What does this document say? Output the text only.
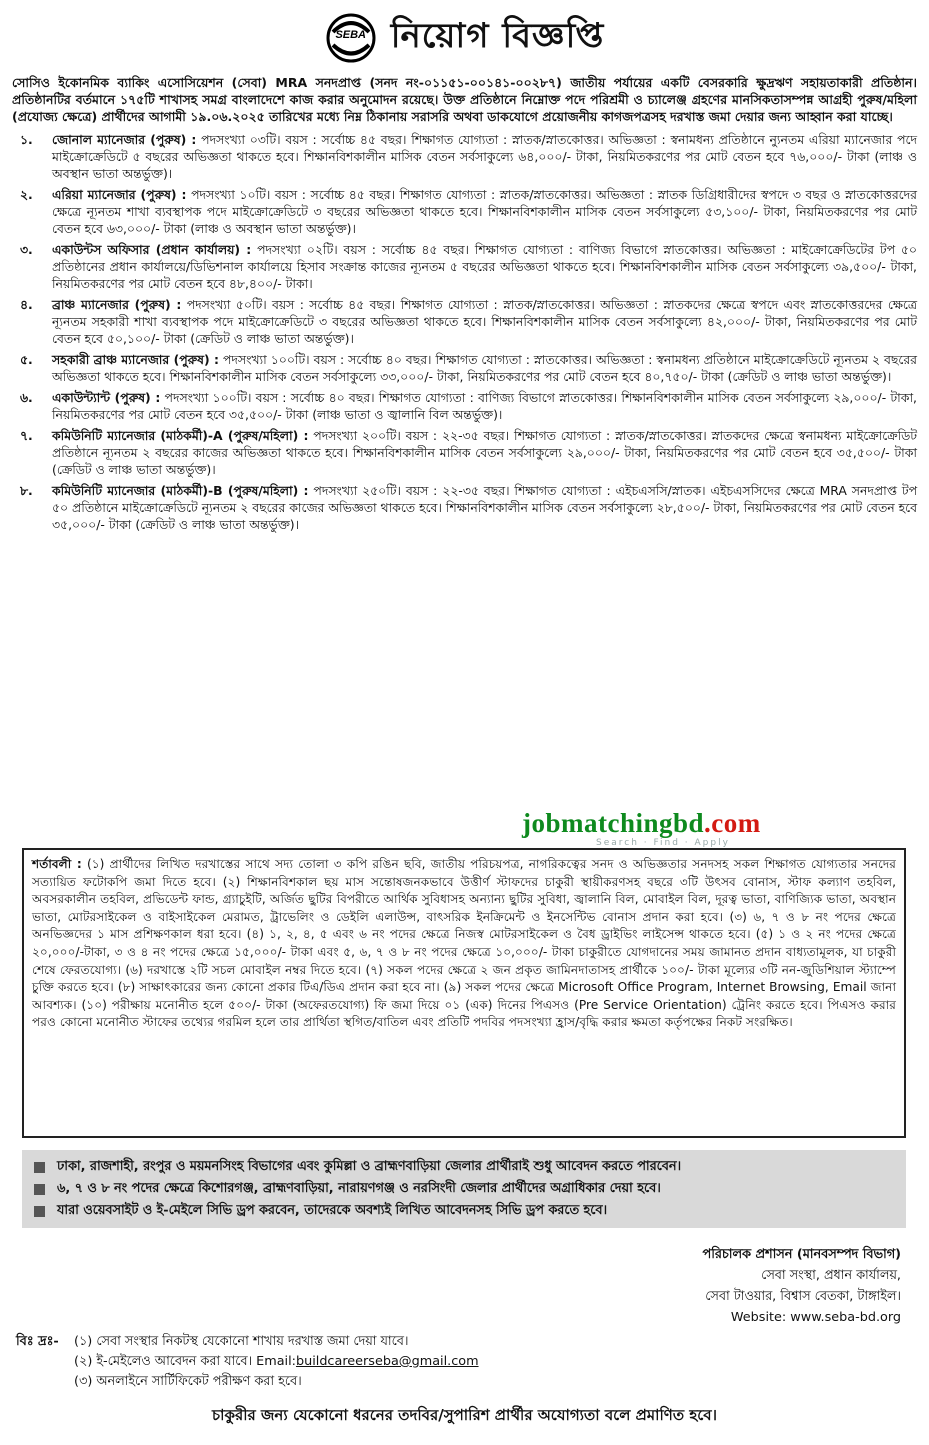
SEBA নিয়োগ বিজ্ঞপ্তি
সোসিও ইকোনমিক ব্যাকিং এসোসিয়েশন (সেবা) MRA সনদপ্রাপ্ত (সনদ নং-০১১৫১-০০১৪১-০০২৮৭) জাতীয় পর্যায়ের একটি বেসরকারি ক্ষুদ্রঋণ সহায়তাকারী প্রতিষ্ঠান। প্রতিষ্ঠানটির বর্তমানে ১৭৫টি শাখাসহ সমগ্র বাংলাদেশে কাজ করার অনুমোদন রয়েছে। উক্ত প্রতিষ্ঠানে নিম্নোক্ত পদে পরিশ্রমী ও চ্যালেঞ্জ গ্রহণের মানসিকতাসম্পন্ন আগ্রহী পুরুষ/মহিলা (প্রযোজ্য ক্ষেত্রে) প্রার্থীদের আগামী ১৯.০৬.২০২৫ তারিখের মধ্যে নিম্ন ঠিকানায় সরাসরি অথবা ডাকযোগে প্রয়োজনীয় কাগজপত্রসহ দরখাস্ত জমা দেয়ার জন্য আহ্বান করা যাচ্ছে।
১.	জোনাল ম্যানেজার (পুরুষ) : পদসংখ্যা ০৩টি। বয়স : সর্বোচ্চ ৪৫ বছর। শিক্ষাগত যোগ্যতা : স্নাতক/স্নাতকোত্তর। অভিজ্ঞতা : স্বনামধন্য প্রতিষ্ঠানে ন্যুনতম এরিয়া ম্যানেজার পদে মাইক্রোক্রেডিটে ৫ বছরের অভিজ্ঞতা থাকতে হবে। শিক্ষানবিশকালীন মাসিক বেতন সর্বসাকুল্যে ৬৪,০০০/- টাকা, নিয়মিতকরণের পর মোট বেতন হবে ৭৬,০০০/- টাকা (লাঞ্চ ও অবস্থান ভাতা অন্তর্ভুক্ত)।
২.	এরিয়া ম্যানেজার (পুরুষ) : পদসংখ্যা ১০টি। বয়স : সর্বোচ্চ ৪৫ বছর। শিক্ষাগত যোগ্যতা : স্নাতক/স্নাতকোত্তর। অভিজ্ঞতা : স্নাতক ডিগ্রিধারীদের স্বপদে ৩ বছর ও স্নাতকোত্তরদের ক্ষেত্রে ন্যূনতম শাখা ব্যবস্থাপক পদে মাইক্রোক্রেডিটে ৩ বছরের অভিজ্ঞতা থাকতে হবে। শিক্ষানবিশকালীন মাসিক বেতন সর্বসাকুল্যে ৫৩,১০০/- টাকা, নিয়মিতকরণের পর মোট বেতন হবে ৬৩,০০০/- টাকা (লাঞ্চ ও অবস্থান ভাতা অন্তর্ভুক্ত)।
৩.	একাউন্টস অফিসার (প্রধান কার্যালয়) : পদসংখ্যা ০২টি। বয়স : সর্বোচ্চ ৪৫ বছর। শিক্ষাগত যোগ্যতা : বাণিজ্য বিভাগে স্নাতকোত্তর। অভিজ্ঞতা : মাইক্রোক্রেডিটের টপ ৫০ প্রতিষ্ঠানের প্রধান কার্যালয়ে/ডিভিশনাল কার্যালয়ে হিসাব সংক্রান্ত কাজের ন্যূনতম ৫ বছরের অভিজ্ঞতা থাকতে হবে। শিক্ষানবিশকালীন মাসিক বেতন সর্বসাকুল্যে ৩৯,৫০০/- টাকা, নিয়মিতকরণের পর মোট বেতন হবে ৪৮,৪০০/- টাকা।
৪.	ব্রাঞ্চ ম্যানেজার (পুরুষ) : পদসংখ্যা ৫০টি। বয়স : সর্বোচ্চ ৪৫ বছর। শিক্ষাগত যোগ্যতা : স্নাতক/স্নাতকোত্তর। অভিজ্ঞতা : স্নাতকদের ক্ষেত্রে স্বপদে এবং স্নাতকোত্তরদের ক্ষেত্রে ন্যূনতম সহকারী শাখা ব্যবস্থাপক পদে মাইক্রোক্রেডিটে ৩ বছরের অভিজ্ঞতা থাকতে হবে। শিক্ষানবিশকালীন মাসিক বেতন সর্বসাকুল্যে ৪২,০০০/- টাকা, নিয়মিতকরণের পর মোট বেতন হবে ৫০,১০০/- টাকা (ক্রেডিট ও লাঞ্চ ভাতা অন্তর্ভুক্ত)।
৫.	সহকারী ব্রাঞ্চ ম্যানেজার (পুরুষ) : পদসংখ্যা ১০০টি। বয়স : সর্বোচ্চ ৪০ বছর। শিক্ষাগত যোগ্যতা : স্নাতকোত্তর। অভিজ্ঞতা : স্বনামধন্য প্রতিষ্ঠানে মাইক্রোক্রেডিটে ন্যূনতম ২ বছরের অভিজ্ঞতা থাকতে হবে। শিক্ষানবিশকালীন মাসিক বেতন সর্বসাকুল্যে ৩৩,০০০/- টাকা, নিয়মিতকরণের পর মোট বেতন হবে ৪০,৭৫০/- টাকা (ক্রেডিট ও লাঞ্চ ভাতা অন্তর্ভুক্ত)।
৬.	একাউন্ট্যান্ট (পুরুষ) : পদসংখ্যা ১০০টি। বয়স : সর্বোচ্চ ৪০ বছর। শিক্ষাগত যোগ্যতা : বাণিজ্য বিভাগে স্নাতকোত্তর। শিক্ষানবিশকালীন মাসিক বেতন সর্বসাকুল্যে ২৯,০০০/- টাকা, নিয়মিতকরণের পর মোট বেতন হবে ৩৫,৫০০/- টাকা (লাঞ্চ ভাতা ও জ্বালানি বিল অন্তর্ভুক্ত)।
৭.	কমিউনিটি ম্যানেজার (মাঠকর্মী)-A (পুরুষ/মহিলা) : পদসংখ্যা ২০০টি। বয়স : ২২-৩৫ বছর। শিক্ষাগত যোগ্যতা : স্নাতক/স্নাতকোত্তর। স্নাতকদের ক্ষেত্রে স্বনামধন্য মাইক্রোক্রেডিট প্রতিষ্ঠানে ন্যূনতম ২ বছরের কাজের অভিজ্ঞতা থাকতে হবে। শিক্ষানবিশকালীন মাসিক বেতন সর্বসাকুল্যে ২৯,০০০/- টাকা, নিয়মিতকরণের পর মোট বেতন হবে ৩৫,৫০০/- টাকা (ক্রেডিট ও লাঞ্চ ভাতা অন্তর্ভুক্ত)।
৮.	কমিউনিটি ম্যানেজার (মাঠকর্মী)-B (পুরুষ/মহিলা) : পদসংখ্যা ২৫০টি। বয়স : ২২-৩৫ বছর। শিক্ষাগত যোগ্যতা : এইচএসসি/স্নাতক। এইচএসসিদের ক্ষেত্রে MRA সনদপ্রাপ্ত টপ ৫০ প্রতিষ্ঠানে মাইক্রোক্রেডিটে ন্যূনতম ২ বছরের কাজের অভিজ্ঞতা থাকতে হবে। শিক্ষানবিশকালীন মাসিক বেতন সর্বসাকুল্যে ২৮,৫০০/- টাকা, নিয়মিতকরণের পর মোট বেতন হবে ৩৫,০০০/- টাকা (ক্রেডিট ও লাঞ্চ ভাতা অন্তর্ভুক্ত)।
jobmatchingbd.com
Search · Find · Apply
শর্তাবলী : (১) প্রার্থীদের লিখিত দরখাস্তের সাথে সদ্য তোলা ৩ কপি রঙিন ছবি, জাতীয় পরিচয়পত্র, নাগরিকত্বের সনদ ও অভিজ্ঞতার সনদসহ সকল শিক্ষাগত যোগ্যতার সনদের সত্যায়িত ফটোকপি জমা দিতে হবে। (২) শিক্ষানবিশকাল ছয় মাস সন্তোষজনকভাবে উত্তীর্ণ স্টাফদের চাকুরী স্থায়ীকরণসহ বছরে ৩টি উৎসব বোনাস, স্টাফ কল্যাণ তহবিল, অবসরকালীন তহবিল, প্রভিডেন্ট ফান্ড, গ্র্যাচুইটি, অর্জিত ছুটির বিপরীতে আর্থিক সুবিধাসহ অন্যান্য ছুটির সুবিধা, জ্বালানি বিল, মোবাইল বিল, দূরত্ব ভাতা, বাণিজ্যিক ভাতা, অবস্থান ভাতা, মোটরসাইকেল ও বাইসাইকেল মেরামত, ট্রাভেলিং ও ডেইলি এলাউন্স, বাৎসরিক ইনক্রিমেন্ট ও ইনসেন্টিভ বোনাস প্রদান করা হবে। (৩) ৬, ৭ ও ৮ নং পদের ক্ষেত্রে অনভিজ্ঞদের ১ মাস প্রশিক্ষণকাল ধরা হবে। (৪) ১, ২, ৪, ৫ এবং ৬ নং পদের ক্ষেত্রে নিজস্ব মোটরসাইকেল ও বৈধ ড্রাইভিং লাইসেন্স থাকতে হবে। (৫) ১ ও ২ নং পদের ক্ষেত্রে ২০,০০০/-টাকা, ৩ ও ৪ নং পদের ক্ষেত্রে ১৫,০০০/- টাকা এবং ৫, ৬, ৭ ও ৮ নং পদের ক্ষেত্রে ১০,০০০/- টাকা চাকুরীতে যোগদানের সময় জামানত প্রদান বাধ্যতামূলক, যা চাকুরী শেষে ফেরতযোগ্য। (৬) দরখাস্তে ২টি সচল মোবাইল নম্বর দিতে হবে। (৭) সকল পদের ক্ষেত্রে ২ জন প্রকৃত জামিনদাতাসহ প্রার্থীকে ১০০/- টাকা মূল্যের ৩টি নন-জুডিশিয়াল স্ট্যাম্পে চুক্তি করতে হবে। (৮) সাক্ষাৎকারের জন্য কোনো প্রকার টিএ/ডিএ প্রদান করা হবে না। (৯) সকল পদের ক্ষেত্রে Microsoft Office Program, Internet Browsing, Email জানা আবশ্যক। (১০) পরীক্ষায় মনোনীত হলে ৫০০/- টাকা (অফেরতযোগ্য) ফি জমা দিয়ে ০১ (এক) দিনের পিএসও (Pre Service Orientation) ট্রেনিং করতে হবে। পিএসও করার পরও কোনো মনোনীত স্টাফের তথ্যের গরমিল হলে তার প্রার্থিতা স্থগিত/বাতিল এবং প্রতিটি পদবির পদসংখ্যা হ্রাস/বৃদ্ধি করার ক্ষমতা কর্তৃপক্ষের নিকট সংরক্ষিত।
ঢাকা, রাজশাহী, রংপুর ও ময়মনসিংহ বিভাগের এবং কুমিল্লা ও ব্রাহ্মণবাড়িয়া জেলার প্রার্থীরাই শুধু আবেদন করতে পারবেন।
৬, ৭ ও ৮ নং পদের ক্ষেত্রে কিশোরগঞ্জ, ব্রাহ্মণবাড়িয়া, নারায়ণগঞ্জ ও নরসিংদী জেলার প্রার্থীদের অগ্রাধিকার দেয়া হবে।
যারা ওয়েবসাইট ও ই-মেইলে সিভি ড্রপ করবেন, তাদেরকে অবশ্যই লিখিত আবেদনসহ সিভি ড্রপ করতে হবে।
পরিচালক প্রশাসন (মানবসম্পদ বিভাগ)
সেবা সংস্থা, প্রধান কার্যালয়,
সেবা টাওয়ার, বিশ্বাস বেতকা, টাঙ্গাইল।
Website: www.seba-bd.org
বিঃ দ্রঃ-	(১) সেবা সংস্থার নিকটস্থ যেকোনো শাখায় দরখাস্ত জমা দেয়া যাবে।
(২) ই-মেইলেও আবেদন করা যাবে। Email: buildcareerseba@gmail.com
(৩) অনলাইনে সার্টিফিকেট পরীক্ষণ করা হবে।
চাকুরীর জন্য যেকোনো ধরনের তদবির/সুপারিশ প্রার্থীর অযোগ্যতা বলে প্রমাণিত হবে।
